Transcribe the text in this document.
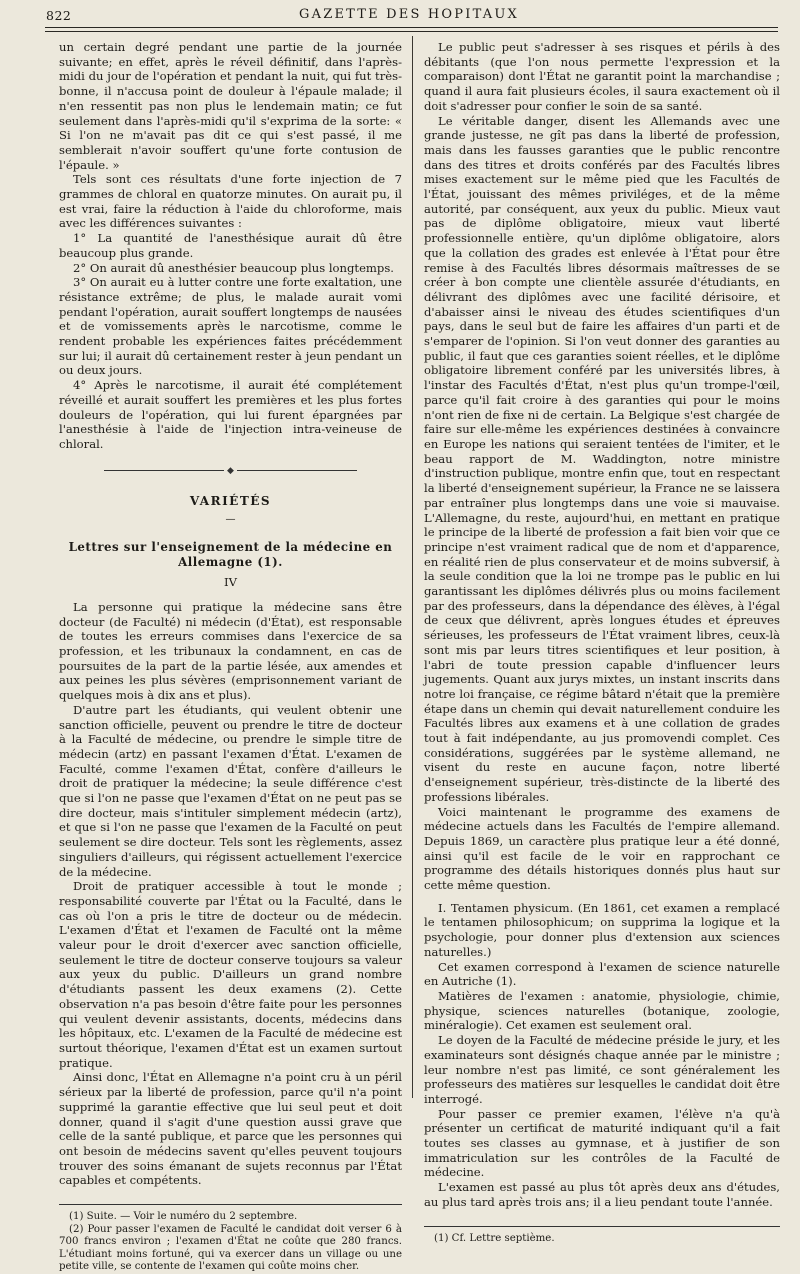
822	GAZETTE DES HOPITAUX

un certain degré pendant une partie de la journée suivante; en effet, après le réveil définitif, dans l'après-midi du jour de l'opération et pendant la nuit, qui fut très-bonne, il n'accusa point de douleur à l'épaule malade; il n'en ressentit pas non plus le lendemain matin; ce fut seulement dans l'après-midi qu'il s'exprima de la sorte: « Si l'on ne m'avait pas dit ce qui s'est passé, il me semblerait n'avoir souffert qu'une forte contusion de l'épaule. »

Tels sont ces résultats d'une forte injection de 7 grammes de chloral en quatorze minutes. On aurait pu, il est vrai, faire la réduction à l'aide du chloroforme, mais avec les différences suivantes :

1° La quantité de l'anesthésique aurait dû être beaucoup plus grande.

2° On aurait dû anesthésier beaucoup plus longtemps.

3° On aurait eu à lutter contre une forte exaltation, une résistance extrême; de plus, le malade aurait vomi pendant l'opération, aurait souffert longtemps de nausées et de vomissements après le narcotisme, comme le rendent probable les expériences faites précédemment sur lui; il aurait dû certainement rester à jeun pendant un ou deux jours.

4° Après le narcotisme, il aurait été complétement réveillé et aurait souffert les premières et les plus fortes douleurs de l'opération, qui lui furent épargnées par l'anesthésie à l'aide de l'injection intra-veineuse de chloral.

◆
VARIÉTÉS
—
Lettres sur l'enseignement de la médecine en Allemagne (1).
IV

La personne qui pratique la médecine sans être docteur (de Faculté) ni médecin (d'État), est responsable de toutes les erreurs commises dans l'exercice de sa profession, et les tribunaux la condamnent, en cas de poursuites de la part de la partie lésée, aux amendes et aux peines les plus sévères (emprisonnement variant de quelques mois à dix ans et plus).

D'autre part les étudiants, qui veulent obtenir une sanction officielle, peuvent ou prendre le titre de docteur à la Faculté de médecine, ou prendre le simple titre de médecin (artz) en passant l'examen d'État. L'examen de Faculté, comme l'examen d'État, confère d'ailleurs le droit de pratiquer la médecine; la seule différence c'est que si l'on ne passe que l'examen d'État on ne peut pas se dire docteur, mais s'intituler simplement médecin (artz), et que si l'on ne passe que l'examen de la Faculté on peut seulement se dire docteur. Tels sont les règlements, assez singuliers d'ailleurs, qui régissent actuellement l'exercice de la médecine.

Droit de pratiquer accessible à tout le monde ; responsabilité couverte par l'État ou la Faculté, dans le cas où l'on a pris le titre de docteur ou de médecin. L'examen d'État et l'examen de Faculté ont la même valeur pour le droit d'exercer avec sanction officielle, seulement le titre de docteur conserve toujours sa valeur aux yeux du public. D'ailleurs un grand nombre d'étudiants passent les deux examens (2). Cette observation n'a pas besoin d'être faite pour les personnes qui veulent devenir assistants, docents, médecins dans les hôpitaux, etc. L'examen de la Faculté de médecine est surtout théorique, l'examen d'État est un examen surtout pratique.

Ainsi donc, l'État en Allemagne n'a point cru à un péril sérieux par la liberté de profession, parce qu'il n'a point supprimé la garantie effective que lui seul peut et doit donner, quand il s'agit d'une question aussi grave que celle de la santé publique, et parce que les personnes qui ont besoin de médecins savent qu'elles peuvent toujours trouver des soins émanant de sujets reconnus par l'État capables et compétents.

(1) Suite. — Voir le numéro du 2 septembre.

(2) Pour passer l'examen de Faculté le candidat doit verser 6 à 700 francs environ ; l'examen d'État ne coûte que 280 francs. L'étudiant moins fortuné, qui va exercer dans un village ou une petite ville, se contente de l'examen qui coûte moins cher.

Le public peut s'adresser à ses risques et périls à des débitants (que l'on nous permette l'expression et la comparaison) dont l'État ne garantit point la marchandise ; quand il aura fait plusieurs écoles, il saura exactement où il doit s'adresser pour confier le soin de sa santé.

Le véritable danger, disent les Allemands avec une grande justesse, ne gît pas dans la liberté de profession, mais dans les fausses garanties que le public rencontre dans des titres et droits conférés par des Facultés libres mises exactement sur le même pied que les Facultés de l'État, jouissant des mêmes priviléges, et de la même autorité, par conséquent, aux yeux du public. Mieux vaut pas de diplôme obligatoire, mieux vaut liberté professionnelle entière, qu'un diplôme obligatoire, alors que la collation des grades est enlevée à l'État pour être remise à des Facultés libres désormais maîtresses de se créer à bon compte une clientèle assurée d'étudiants, en délivrant des diplômes avec une facilité dérisoire, et d'abaisser ainsi le niveau des études scientifiques d'un pays, dans le seul but de faire les affaires d'un parti et de s'emparer de l'opinion. Si l'on veut donner des garanties au public, il faut que ces garanties soient réelles, et le diplôme obligatoire librement conféré par les universités libres, à l'instar des Facultés d'État, n'est plus qu'un trompe-l'œil, parce qu'il fait croire à des garanties qui pour le moins n'ont rien de fixe ni de certain. La Belgique s'est chargée de faire sur elle-même les expériences destinées à convaincre en Europe les nations qui seraient tentées de l'imiter, et le beau rapport de M. Waddington, notre ministre d'instruction publique, montre enfin que, tout en respectant la liberté d'enseignement supérieur, la France ne se laissera par entraîner plus longtemps dans une voie si mauvaise. L'Allemagne, du reste, aujourd'hui, en mettant en pratique le principe de la liberté de profession a fait bien voir que ce principe n'est vraiment radical que de nom et d'apparence, en réalité rien de plus conservateur et de moins subversif, à la seule condition que la loi ne trompe pas le public en lui garantissant les diplômes délivrés plus ou moins facilement par des professeurs, dans la dépendance des élèves, à l'égal de ceux que délivrent, après longues études et épreuves sérieuses, les professeurs de l'État vraiment libres, ceux-là sont mis par leurs titres scientifiques et leur position, à l'abri de toute pression capable d'influencer leurs jugements. Quant aux jurys mixtes, un instant inscrits dans notre loi française, ce régime bâtard n'était que la première étape dans un chemin qui devait naturellement conduire les Facultés libres aux examens et à une collation de grades tout à fait indépendante, au jus promovendi complet. Ces considérations, suggérées par le système allemand, ne visent du reste en aucune façon, notre liberté d'enseignement supérieur, très-distincte de la liberté des professions libérales.

Voici maintenant le programme des examens de médecine actuels dans les Facultés de l'empire allemand. Depuis 1869, un caractère plus pratique leur a été donné, ainsi qu'il est facile de le voir en rapprochant ce programme des détails historiques donnés plus haut sur cette même question.

I. Tentamen physicum. (En 1861, cet examen a remplacé le tentamen philosophicum; on supprima la logique et la psychologie, pour donner plus d'extension aux sciences naturelles.)

Cet examen correspond à l'examen de science naturelle en Autriche (1).

Matières de l'examen : anatomie, physiologie, chimie, physique, sciences naturelles (botanique, zoologie, minéralogie). Cet examen est seulement oral.

Le doyen de la Faculté de médecine préside le jury, et les examinateurs sont désignés chaque année par le ministre ; leur nombre n'est pas limité, ce sont généralement les professeurs des matières sur lesquelles le candidat doit être interrogé.

Pour passer ce premier examen, l'élève n'a qu'à présenter un certificat de maturité indiquant qu'il a fait toutes ses classes au gymnase, et à justifier de son immatriculation sur les contrôles de la Faculté de médecine.

L'examen est passé au plus tôt après deux ans d'études, au plus tard après trois ans; il a lieu pendant toute l'année.

(1) Cf. Lettre septième.
